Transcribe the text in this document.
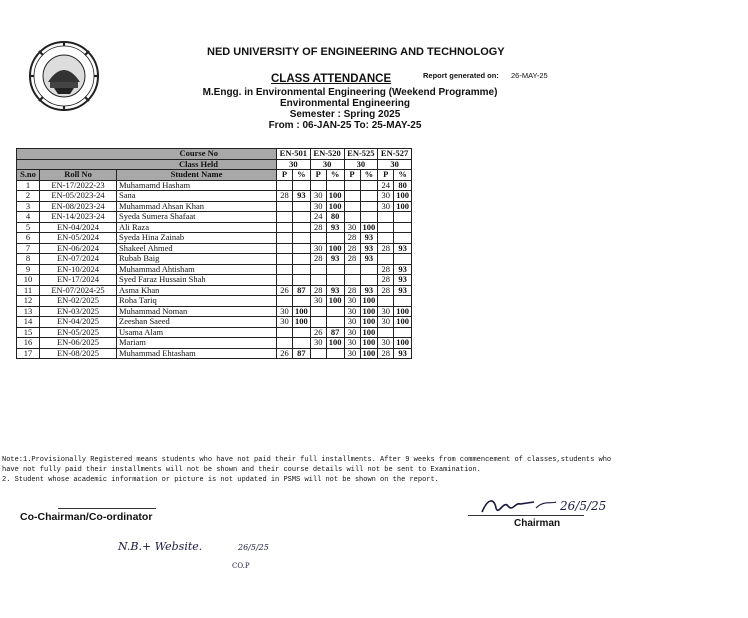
NED UNIVERSITY OF ENGINEERING AND TECHNOLOGY
CLASS ATTENDANCE	Report generated on: 26-MAY-25
M.Engg. in Environmental Engineering (Weekend Programme)
Environmental Engineering
Semester : Spring 2025
From : 06-JAN-25 To: 25-MAY-25
Course No			EN-501		EN-520		EN-525		EN-527	
Class Held			30		30		30		30	
S.no	Roll No	Student Name	P	%	P	%	P	%	P	%
1	EN-17/2022-23	Muhamamd Hasham							24	80
2	EN-05/2023-24	Sana	28	93	30	100			30	100
3	EN-08/2023-24	Muhammad Ahsan Khan			30	100			30	100
4	EN-14/2023-24	Syeda Sumera Shafaat			24	80				
5	EN-04/2024	Ali Raza			28	93	30	100		
6	EN-05/2024	Syeda Hina Zainab					28	93		
7	EN-06/2024	Shakeel Ahmed			30	100	28	93	28	93
8	EN-07/2024	Rubab Baig			28	93	28	93		
9	EN-10/2024	Muhammad Ahtisham							28	93
10	EN-17/2024	Syed Faraz Hussain Shah							28	93
11	EN-07/2024-25	Asma Khan	26	87	28	93	28	93	28	93
12	EN-02/2025	Roha Tariq			30	100	30	100		
13	EN-03/2025	Muhammad Noman	30	100			30	100	30	100
14	EN-04/2025	Zeeshan Saeed	30	100			30	100	30	100
15	EN-05/2025	Usama Alam			26	87	30	100		
16	EN-06/2025	Mariam			30	100	30	100	30	100
17	EN-08/2025	Muhammad Ehtasham	26	87			30	100	28	93
Note:1.Provisionally Registered means students who have not paid their full installments. After 9 weeks from commencement of classes,students who
have not fully paid their installments will not be shown and their course details will not be sent to Examination.
2. Student whose academic information or picture is not updated in PSMS will not be shown on the report.
Co-Chairman/Co-ordinator
26/5/25
Chairman
N.B.+ Website.	26/5/25
CO.P
